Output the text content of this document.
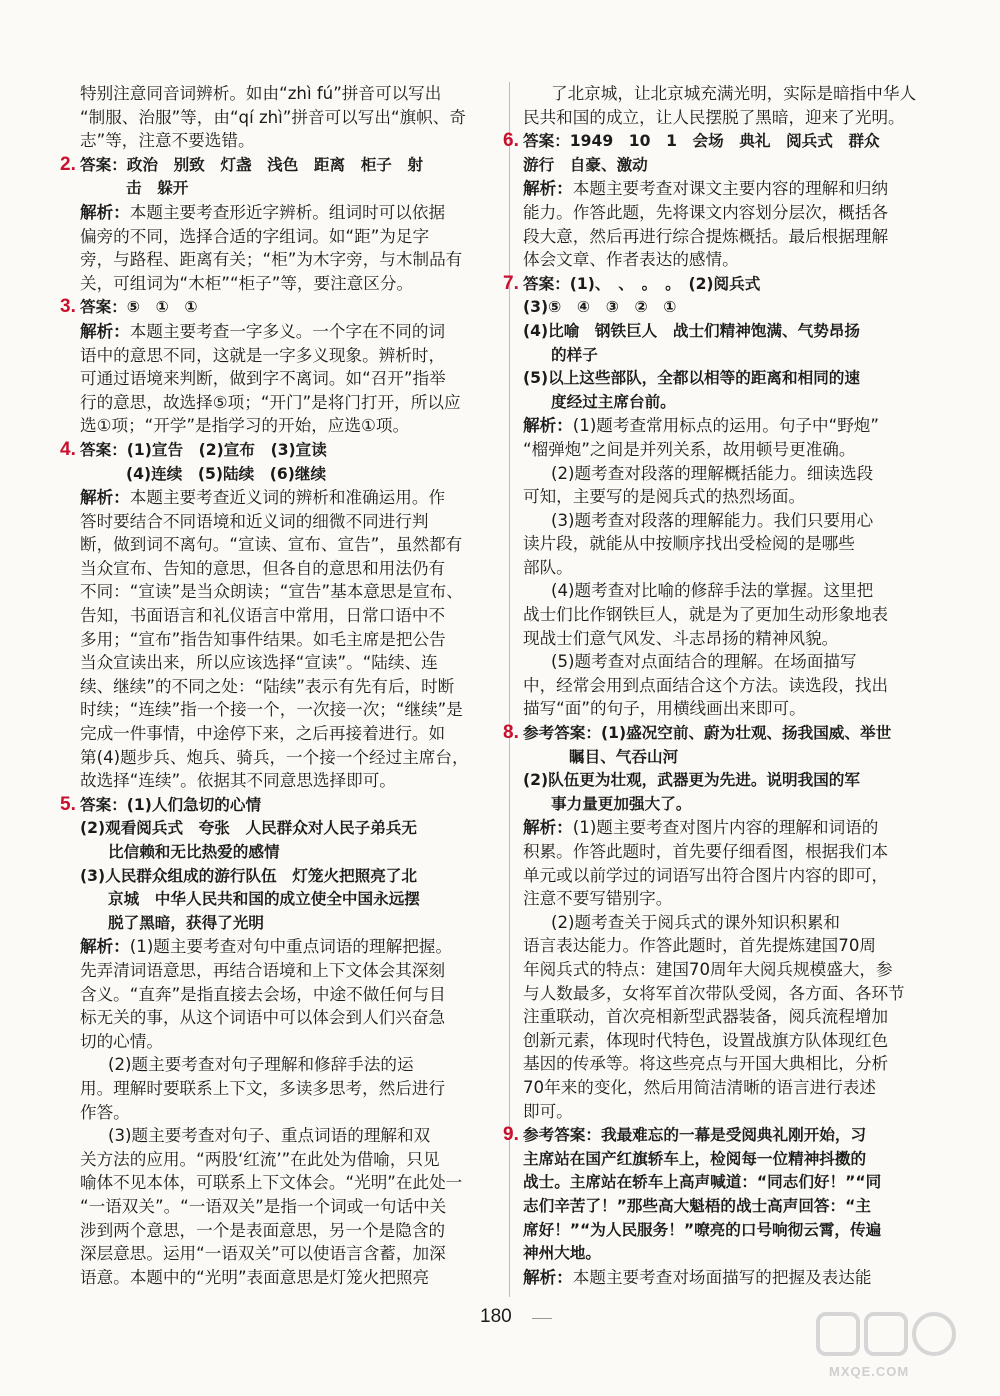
特别注意同音词辨析。如由“zhì fú”拼音可以写出

“制服、治服”等，由“qí zhì”拼音可以写出“旗帜、奇

志”等，注意不要选错。

2. 答案：政治　别致　灯盏　浅色　距离　柜子　射

击　躲开

解析：本题主要考查形近字辨析。组词时可以依据

偏旁的不同，选择合适的字组词。如“距”为足字

旁，与路程、距离有关；“柜”为木字旁，与木制品有

关，可组词为“木柜”“柜子”等，要注意区分。

3. 答案：⑤　①　①

解析：本题主要考查一字多义。一个字在不同的词

语中的意思不同，这就是一字多义现象。辨析时，

可通过语境来判断，做到字不离词。如“召开”指举

行的意思，故选择⑤项；“开门”是将门打开，所以应

选①项；“开学”是指学习的开始，应选①项。

4. 答案：(1)宣告　(2)宣布　(3)宣读

(4)连续　(5)陆续　(6)继续

解析：本题主要考查近义词的辨析和准确运用。作

答时要结合不同语境和近义词的细微不同进行判

断，做到词不离句。“宣读、宣布、宣告”，虽然都有

当众宣布、告知的意思，但各自的意思和用法仍有

不同：“宣读”是当众朗读；“宣告”基本意思是宣布、

告知，书面语言和礼仪语言中常用，日常口语中不

多用；“宣布”指告知事件结果。如毛主席是把公告

当众宣读出来，所以应该选择“宣读”。“陆续、连

续、继续”的不同之处：“陆续”表示有先有后，时断

时续；“连续”指一个接一个，一次接一次；“继续”是

完成一件事情，中途停下来，之后再接着进行。如

第(4)题步兵、炮兵、骑兵，一个接一个经过主席台，

故选择“连续”。依据其不同意思选择即可。

5. 答案：(1)人们急切的心情

(2)观看阅兵式　夸张　人民群众对人民子弟兵无

比信赖和无比热爱的感情

(3)人民群众组成的游行队伍　灯笼火把照亮了北

京城　中华人民共和国的成立使全中国永远摆

脱了黑暗，获得了光明

解析：(1)题主要考查对句中重点词语的理解把握。

先弄清词语意思，再结合语境和上下文体会其深刻

含义。“直奔”是指直接去会场，中途不做任何与目

标无关的事，从这个词语中可以体会到人们兴奋急

切的心情。

(2)题主要考查对句子理解和修辞手法的运

用。理解时要联系上下文，多读多思考，然后进行

作答。

(3)题主要考查对句子、重点词语的理解和双

关方法的应用。“两股‘红流’”在此处为借喻，只见

喻体不见本体，可联系上下文体会。“光明”在此处一

“一语双关”。“一语双关”是指一个词或一句话中关

涉到两个意思，一个是表面意思，另一个是隐含的

深层意思。运用“一语双关”可以使语言含蓄，加深

语意。本题中的“光明”表面意思是灯笼火把照亮

了北京城，让北京城充满光明，实际是暗指中华人

民共和国的成立，让人民摆脱了黑暗，迎来了光明。

6. 答案：1949　10　1　会场　典礼　阅兵式　群众

游行　自豪、激动

解析：本题主要考查对课文主要内容的理解和归纳

能力。作答此题，先将课文内容划分层次，概括各

段大意，然后再进行综合提炼概括。最后根据理解

体会文章、作者表达的感情。

7. 答案：(1)、　、　。　。　(2)阅兵式

(3)⑤　④　③　②　①

(4)比喻　钢铁巨人　战士们精神饱满、气势昂扬

的样子

(5)以上这些部队，全都以相等的距离和相同的速

度经过主席台前。

解析：(1)题考查常用标点的运用。句子中“野炮”

“榴弹炮”之间是并列关系，故用顿号更准确。

(2)题考查对段落的理解概括能力。细读选段

可知，主要写的是阅兵式的热烈场面。

(3)题考查对段落的理解能力。我们只要用心

读片段，就能从中按顺序找出受检阅的是哪些

部队。

(4)题考查对比喻的修辞手法的掌握。这里把

战士们比作钢铁巨人，就是为了更加生动形象地表

现战士们意气风发、斗志昂扬的精神风貌。

(5)题考查对点面结合的理解。在场面描写

中，经常会用到点面结合这个方法。读选段，找出

描写“面”的句子，用横线画出来即可。

8. 参考答案：(1)盛况空前、蔚为壮观、扬我国威、举世

瞩目、气吞山河

(2)队伍更为壮观，武器更为先进。说明我国的军

事力量更加强大了。

解析：(1)题主要考查对图片内容的理解和词语的

积累。作答此题时，首先要仔细看图，根据我们本

单元或以前学过的词语写出符合图片内容的即可，

注意不要写错别字。

(2)题考查关于阅兵式的课外知识积累和

语言表达能力。作答此题时，首先提炼建国70周

年阅兵式的特点：建国70周年大阅兵规模盛大，参

与人数最多，女将军首次带队受阅，各方面、各环节

注重联动，首次亮相新型武器装备，阅兵流程增加

创新元素，体现时代特色，设置战旗方队体现红色

基因的传承等。将这些亮点与开国大典相比，分析

70年来的变化，然后用简洁清晰的语言进行表述

即可。

9. 参考答案：我最难忘的一幕是受阅典礼刚开始，习

主席站在国产红旗轿车上，检阅每一位精神抖擞的

战士。主席站在轿车上高声喊道：“同志们好！”“同

志们辛苦了！”那些高大魁梧的战士高声回答：“主

席好！”“为人民服务！”嘹亮的口号响彻云霄，传遍

神州大地。

解析：本题主要考查对场面描写的把握及表达能

180
MXQE.COM
